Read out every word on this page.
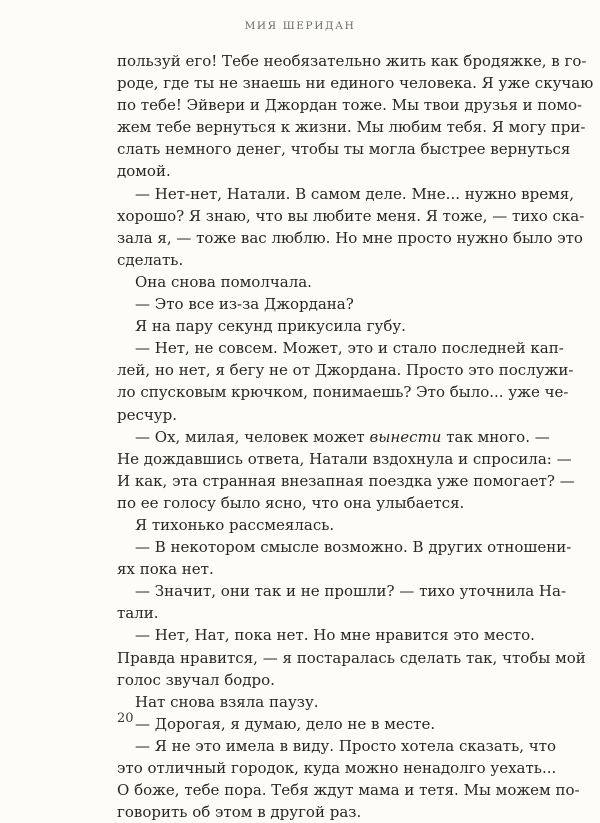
МИЯ ШЕРИДАН
пользуй его! Тебе необязательно жить как бродяжке, в го-
роде, где ты не знаешь ни единого человека. Я уже скучаю
по тебе! Эйвери и Джордан тоже. Мы твои друзья и помо-
жем тебе вернуться к жизни. Мы любим тебя. Я могу при-
слать немного денег, чтобы ты могла быстрее вернуться
домой.
— Нет-нет, Натали. В самом деле. Мне... нужно время,
хорошо? Я знаю, что вы любите меня. Я тоже, — тихо ска-
зала я, — тоже вас люблю. Но мне просто нужно было это
сделать.
Она снова помолчала.
— Это все из-за Джордана?
Я на пару секунд прикусила губу.
— Нет, не совсем. Может, это и стало последней кап-
лей, но нет, я бегу не от Джордана. Просто это послужи-
ло спусковым крючком, понимаешь? Это было... уже че-
ресчур.
— Ох, милая, человек может вынести так много. —
Не дождавшись ответа, Натали вздохнула и спросила: —
И как, эта странная внезапная поездка уже помогает? —
по ее голосу было ясно, что она улыбается.
Я тихонько рассмеялась.
— В некотором смысле возможно. В других отношени-
ях пока нет.
— Значит, они так и не прошли? — тихо уточнила На-
тали.
— Нет, Нат, пока нет. Но мне нравится это место.
Правда нравится, — я постаралась сделать так, чтобы мой
голос звучал бодро.
Нат снова взяла паузу.
— Дорогая, я думаю, дело не в месте.
— Я не это имела в виду. Просто хотела сказать, что
это отличный городок, куда можно ненадолго уехать...
О боже, тебе пора. Тебя ждут мама и тетя. Мы можем по-
говорить об этом в другой раз.
20
